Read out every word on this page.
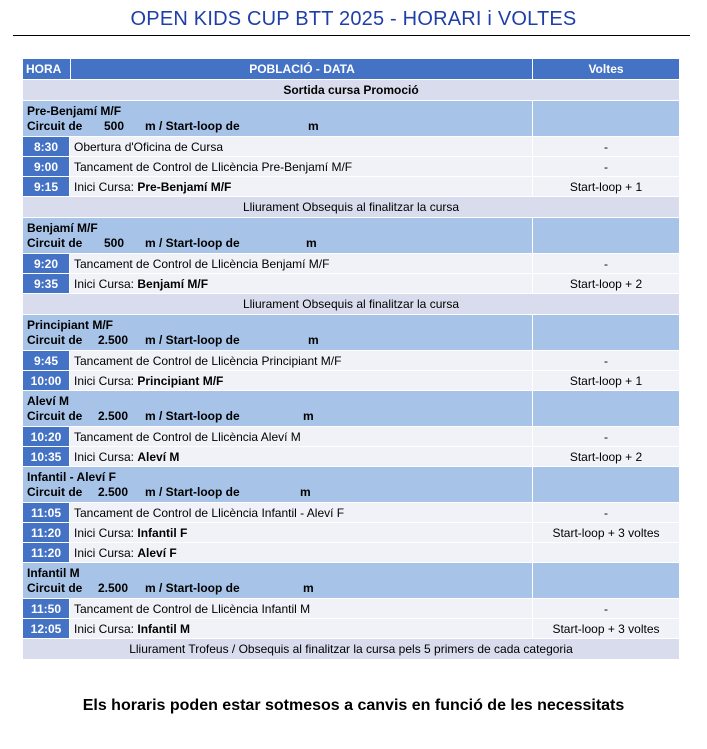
OPEN KIDS CUP BTT 2025 - HORARI i VOLTES
HORA	POBLACIÓ - DATA	Voltes
Sortida cursa Promoció
Pre-Benjamí M/F
Circuit de 500 m / Start-loop de	m
8:30	Obertura d'Oficina de Cursa	-
9:00	Tancament de Control de Llicència Pre-Benjamí M/F	-
9:15	Inici Cursa: Pre-Benjamí M/F	Start-loop + 1
Lliurament Obsequis al finalitzar la cursa
Benjamí M/F
Circuit de 500 m / Start-loop de	m
9:20	Tancament de Control de Llicència Benjamí M/F	-
9:35	Inici Cursa: Benjamí M/F	Start-loop + 2
Lliurament Obsequis al finalitzar la cursa
Principiant M/F
Circuit de 2.500 m / Start-loop de	m
9:45	Tancament de Control de Llicència Principiant M/F	-
10:00	Inici Cursa: Principiant M/F	Start-loop + 1
Aleví M
Circuit de 2.500 m / Start-loop de	m
10:20	Tancament de Control de Llicència Aleví M	-
10:35	Inici Cursa: Aleví M	Start-loop + 2
Infantil - Aleví F
Circuit de 2.500 m / Start-loop de	m
11:05	Tancament de Control de Llicència Infantil - Aleví F	-
11:20	Inici Cursa: Infantil F	Start-loop + 3 voltes
11:20	Inici Cursa: Aleví F
Infantil M
Circuit de 2.500 m / Start-loop de	m
11:50	Tancament de Control de Llicència Infantil M	-
12:05	Inici Cursa: Infantil M	Start-loop + 3 voltes
Lliurament Trofeus / Obsequis al finalitzar la cursa pels 5 primers de cada categoria
Els horaris poden estar sotmesos a canvis en funció de les necessitats
